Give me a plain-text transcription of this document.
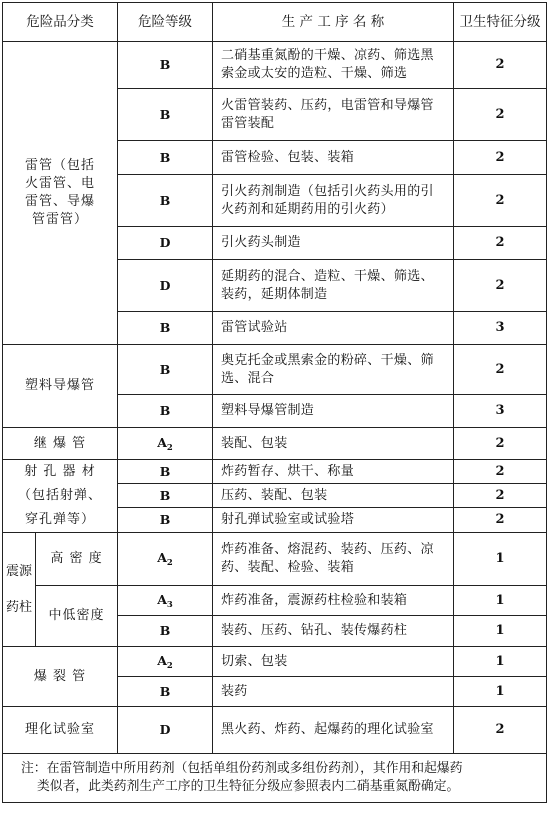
危险品分类		危险等级	生 产 工 序 名 称	卫生特征分级
雷管（包括火雷管、电雷管、导爆管雷管）		B	二硝基重氮酚的干燥、凉药、筛选黑索金或太安的造粒、干燥、筛选	2
		B	火雷管装药、压药，电雷管和导爆管雷管装配	2
		B	雷管检验、包装、装箱	2
		B	引火药剂制造（包括引火药头用的引火药剂和延期药用的引火药）	2
		D	引火药头制造	2
		D	延期药的混合、造粒、干燥、筛选、装药，延期体制造	2
		B	雷管试验站	3
塑料导爆管		B	奥克托金或黑索金的粉碎、干燥、筛选、混合	2
		B	塑料导爆管制造	3
继 爆 管		$A_2$	装配、包装	2

射 孔 器 材
（包括射弹、
穿孔弹等）		B	炸药暂存、烘干、称量	2
		B	压药、装配、包装	2
		B	射孔弹试验室或试验塔	2

震源
药柱	高 密 度	$A_2$	炸药准备、熔混药、装药、压药、凉药、装配、检验、装箱	1
	中低密度	$A_3$	炸药准备，震源药柱检验和装箱	1
		B	装药、压药、钻孔、装传爆药柱	1
爆 裂 管		$A_2$	切索、包装	1
		B	装药	1
理化试验室		D	黑火药、炸药、起爆药的理化试验室	2

注：在雷管制造中所用药剂（包括单组份药剂或多组份药剂），其作用和起爆药
类似者，此类药剂生产工序的卫生特征分级应参照表内二硝基重氮酚确定。				
